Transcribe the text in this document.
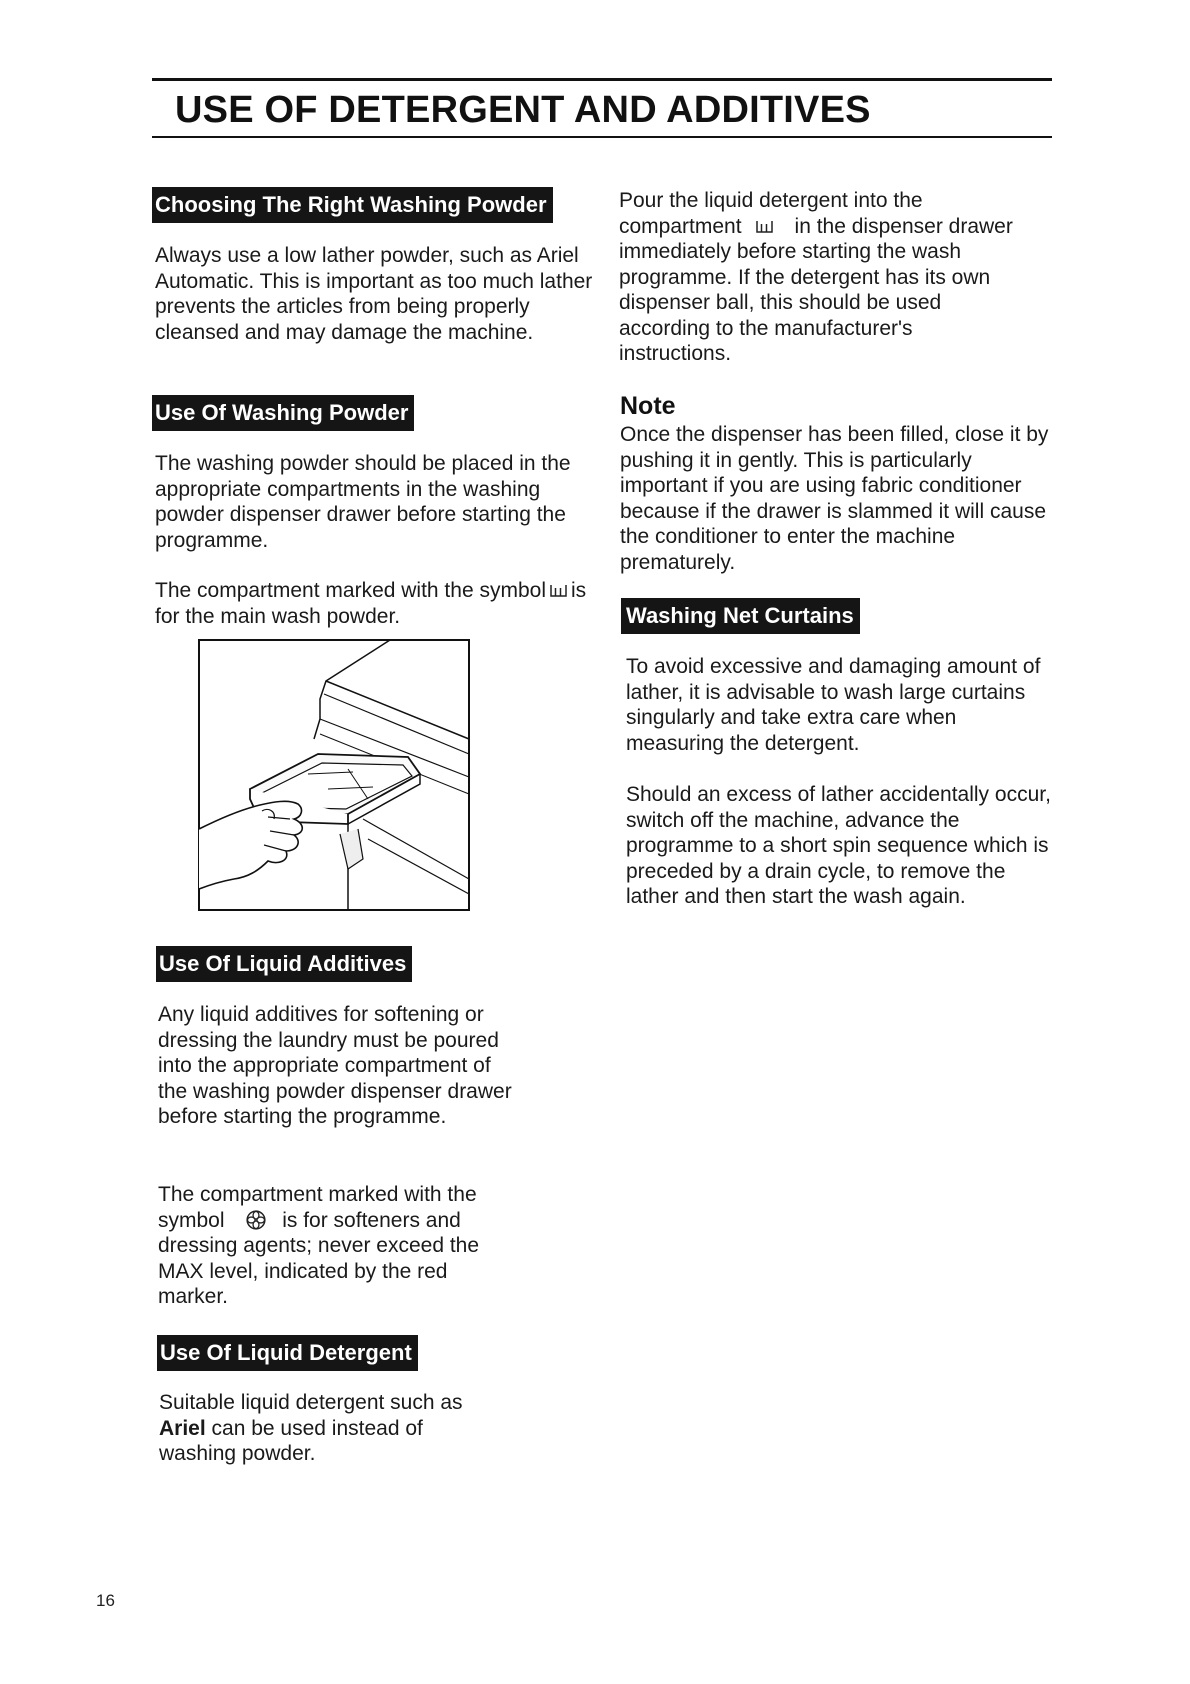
USE OF DETERGENT AND ADDITIVES
Choosing The Right Washing Powder

Always use a low lather powder, such as Ariel Automatic. This is important as too much lather prevents the articles from being properly cleansed and may damage the machine.

Use Of Washing Powder

The washing powder should be placed in the appropriate compartments in the washing powder dispenser drawer before starting the programme.

The compartment marked with the symbol is for the main wash powder.

Use Of Liquid Additives

Any liquid additives for softening or dressing the laundry must be poured into the appropriate compartment of the washing powder dispenser drawer before starting the programme.

The compartment marked with the symbol	is for softeners and dressing agents; never exceed the MAX level, indicated by the red marker.

Use Of Liquid Detergent

Suitable liquid detergent such as Ariel can be used instead of washing powder.

Pour the liquid detergent into the compartment	in the dispenser drawer immediately before starting the wash programme. If the detergent has its own dispenser ball, this should be used according to the manufacturer's instructions.

Note

Once the dispenser has been filled, close it by pushing it in gently. This is particularly important if you are using fabric conditioner because if the drawer is slammed it will cause the conditioner to enter the machine prematurely.

Washing Net Curtains

To avoid excessive and damaging amount of lather, it is advisable to wash large curtains singularly and take extra care when measuring the detergent.

Should an excess of lather accidentally occur, switch off the machine, advance the programme to a short spin sequence which is preceded by a drain cycle, to remove the lather and then start the wash again.

16
